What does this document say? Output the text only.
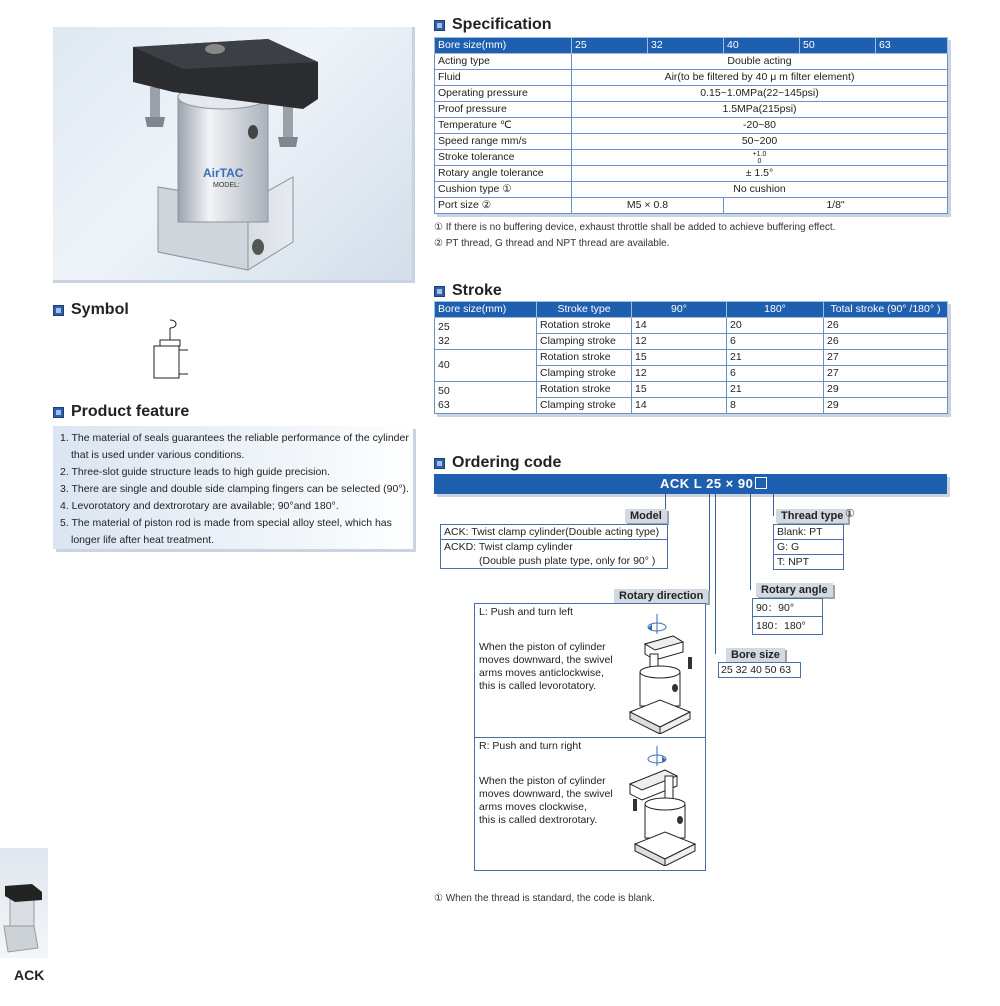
AirTAC
MODEL:
Symbol
Product feature
1. The material of seals guarantees the reliable performance of the cylinder
that is used under various conditions.
2. Three-slot guide structure leads to high guide precision.
3. There are single and double side clamping fingers can be selected (90°).
4. Levorotatory and dextrorotary are available; 90°and 180°.
5. The material of piston rod is made from special alloy steel, which has
longer life after heat treatment.
Specification
Bore size(mm)	25	32	40	50	63
Acting type	Double acting				
Fluid	Air(to be filtered by 40 μ m filter element)				
Operating pressure	0.15~1.0MPa(22~145psi)				
Proof pressure	1.5MPa(215psi)				
Temperature ℃	-20~80				
Speed range mm/s	50~200				
Stroke tolerance	+1.0
0				

Rotary angle tolerance	± 1.5°				
Cushion type ①	No cushion				
Port size ②	M5 × 0.8		1/8"		
① If there is no buffering device, exhaust throttle shall be added to achieve buffering effect.
② PT thread, G thread and NPT thread are available.
Stroke
Bore size(mm)	Stroke type	90°	180°	Total stroke (90° /180° )

25
32	Rotation stroke	14	20	26
	Clamping stroke	12	6	26
40	Rotation stroke	15	21	27
	Clamping stroke	12	6	27

50
63	Rotation stroke	15	21	29
	Clamping stroke	14	8	29
Ordering code
ACK L 25 × 90
Model
ACK: Twist clamp cylinder(Double acting type)
ACKD: Twist clamp cylinder
(Double push plate type, only for 90° )
Thread type ①
Blank: PT
G: G
T: NPT
Rotary angle
90：90°
180：180°
Bore size
25 32 40 50 63
Rotary direction

L: Push and turn left

When the piston of cylinder

moves downward, the swivel

arms moves anticlockwise,

this is called levorotatory.

R: Push and turn right

When the piston of cylinder

moves downward, the swivel

arms moves clockwise,

this is called dextrorotary.

① When the thread is standard, the code is blank.
ACK
